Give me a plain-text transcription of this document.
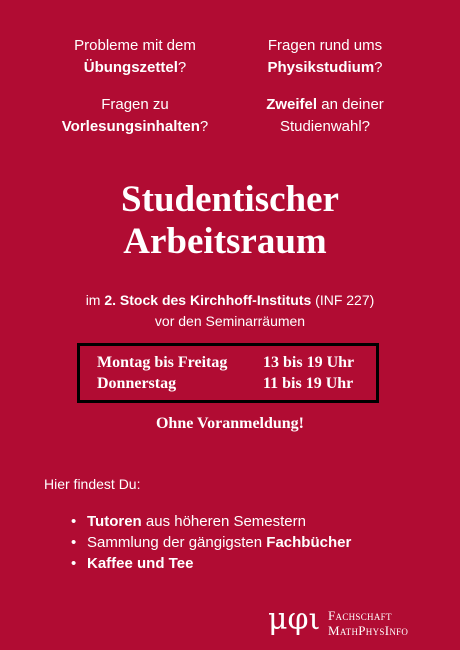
Probleme mit dem
Übungszettel?
Fragen rund ums
Physikstudium?
Fragen zu
Vorlesungsinhalten?
Zweifel an deiner
Studienwahl?
Studentischer
Arbeitsraum
im 2. Stock des Kirchhoff-Instituts (INF 227)
vor den Seminarräumen
Montag bis Freitag 13 bis 19 Uhr
Donnerstag	11 bis 19 Uhr
Ohne Voranmeldung!
Hier findest Du:
• Tutoren aus höheren Semestern
• Sammlung der gängigsten Fachbücher
• Kaffee und Tee
μφι Fachschaft
MathPhysInfo
